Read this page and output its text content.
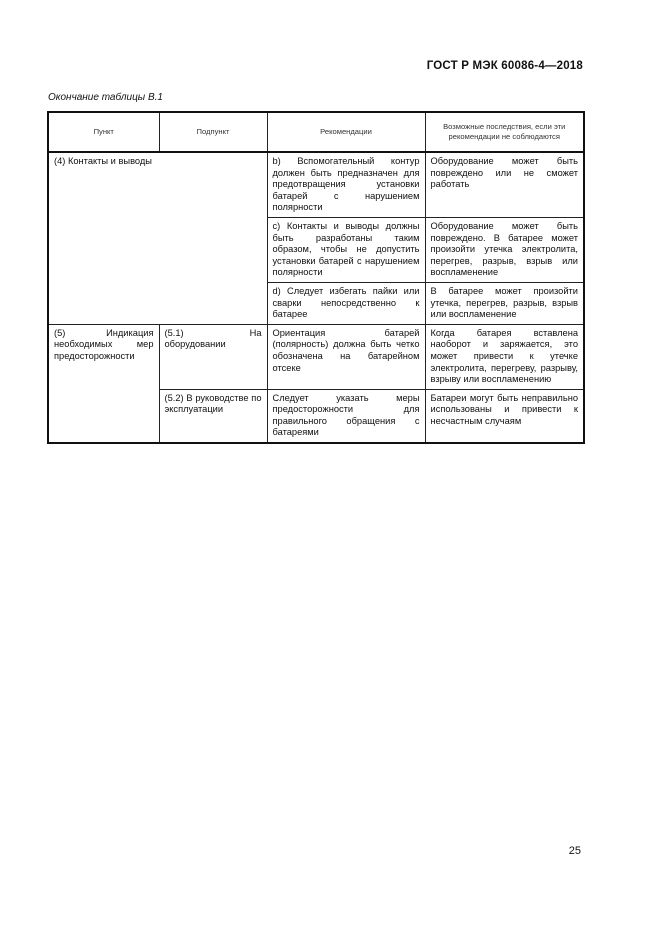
ГОСТ Р МЭК 60086-4—2018
Окончание таблицы В.1
Пункт	Подпункт	Рекомендации	Возможные последствия, если эти рекомендации не соблюдаются
(4) Контакты и выводы		b) Вспомогательный контур должен быть предназначен для предотвращения установки батарей с нарушением полярности	Оборудование может быть повреждено или не сможет работать
		c) Контакты и выводы должны быть разработаны таким образом, чтобы не допустить установки батарей с нарушением полярности	Оборудование может быть повреждено. В батарее может произойти утечка электролита, перегрев, разрыв, взрыв или воспламенение
		d) Следует избегать пайки или сварки непосредственно к батарее	В батарее может произойти утечка, перегрев, разрыв, взрыв или воспламенение
(5) Индикация необходимых мер предосторожности	(5.1) На оборудовании	Ориентация батарей (полярность) должна быть четко обозначена на батарейном отсеке	Когда батарея вставлена наоборот и заряжается, это может привести к утечке электролита, перегреву, разрыву, взрыву или воспламенению
	(5.2) В руководстве по эксплуатации	Следует указать меры предосторожности для правильного обращения с батареями	Батареи могут быть неправильно использованы и привести к несчастным случаям
25
